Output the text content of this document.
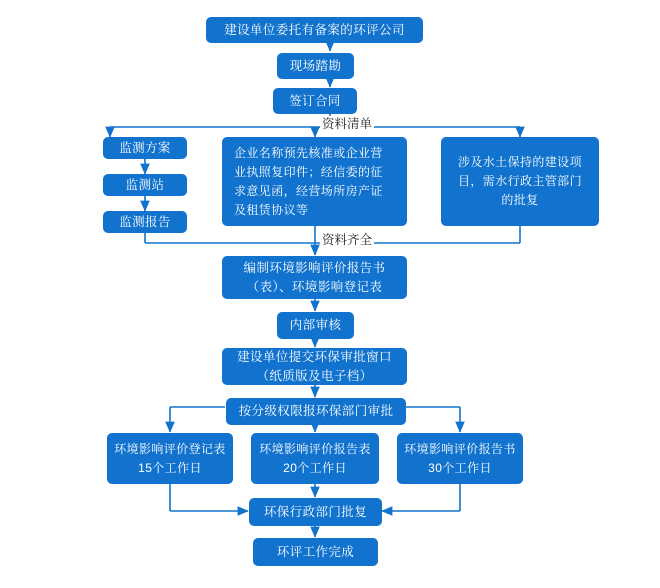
建设单位委托有备案的环评公司
现场踏勘
签订合同
监测方案
监测站
监测报告
企业名称预先核准或企业营业执照复印件；经信委的征求意见函，经营场所房产证及租赁协议等
涉及水土保持的建设项目，需水行政主管部门的批复
编制环境影响评价报告书（表）、环境影响登记表
内部审核
建设单位提交环保审批窗口（纸质版及电子档）
按分级权限报环保部门审批
环境影响评价登记表15个工作日
环境影响评价报告表20个工作日
环境影响评价报告书30个工作日
环保行政部门批复
环评工作完成
资料清单
资料齐全
